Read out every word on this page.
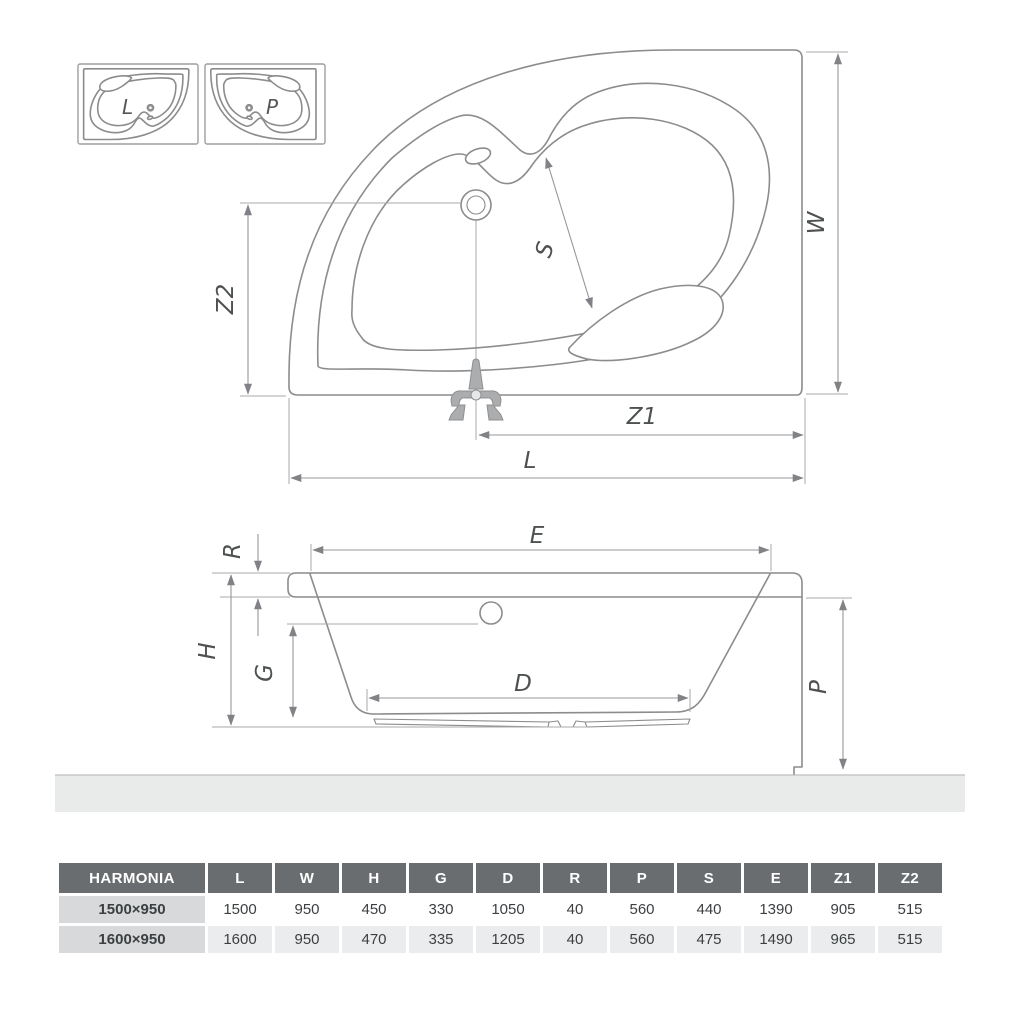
L	P
W
Z2
S
Z1
L
E
R
H
G	D	P
HARMONIA	L	W	H	G	D	R	P	S	E	Z1	Z2
1500×950	1500	950	450	330	1050	40	560	440	1390	905	515
1600×950	1600	950	470	335	1205	40	560	475	1490	965	515
